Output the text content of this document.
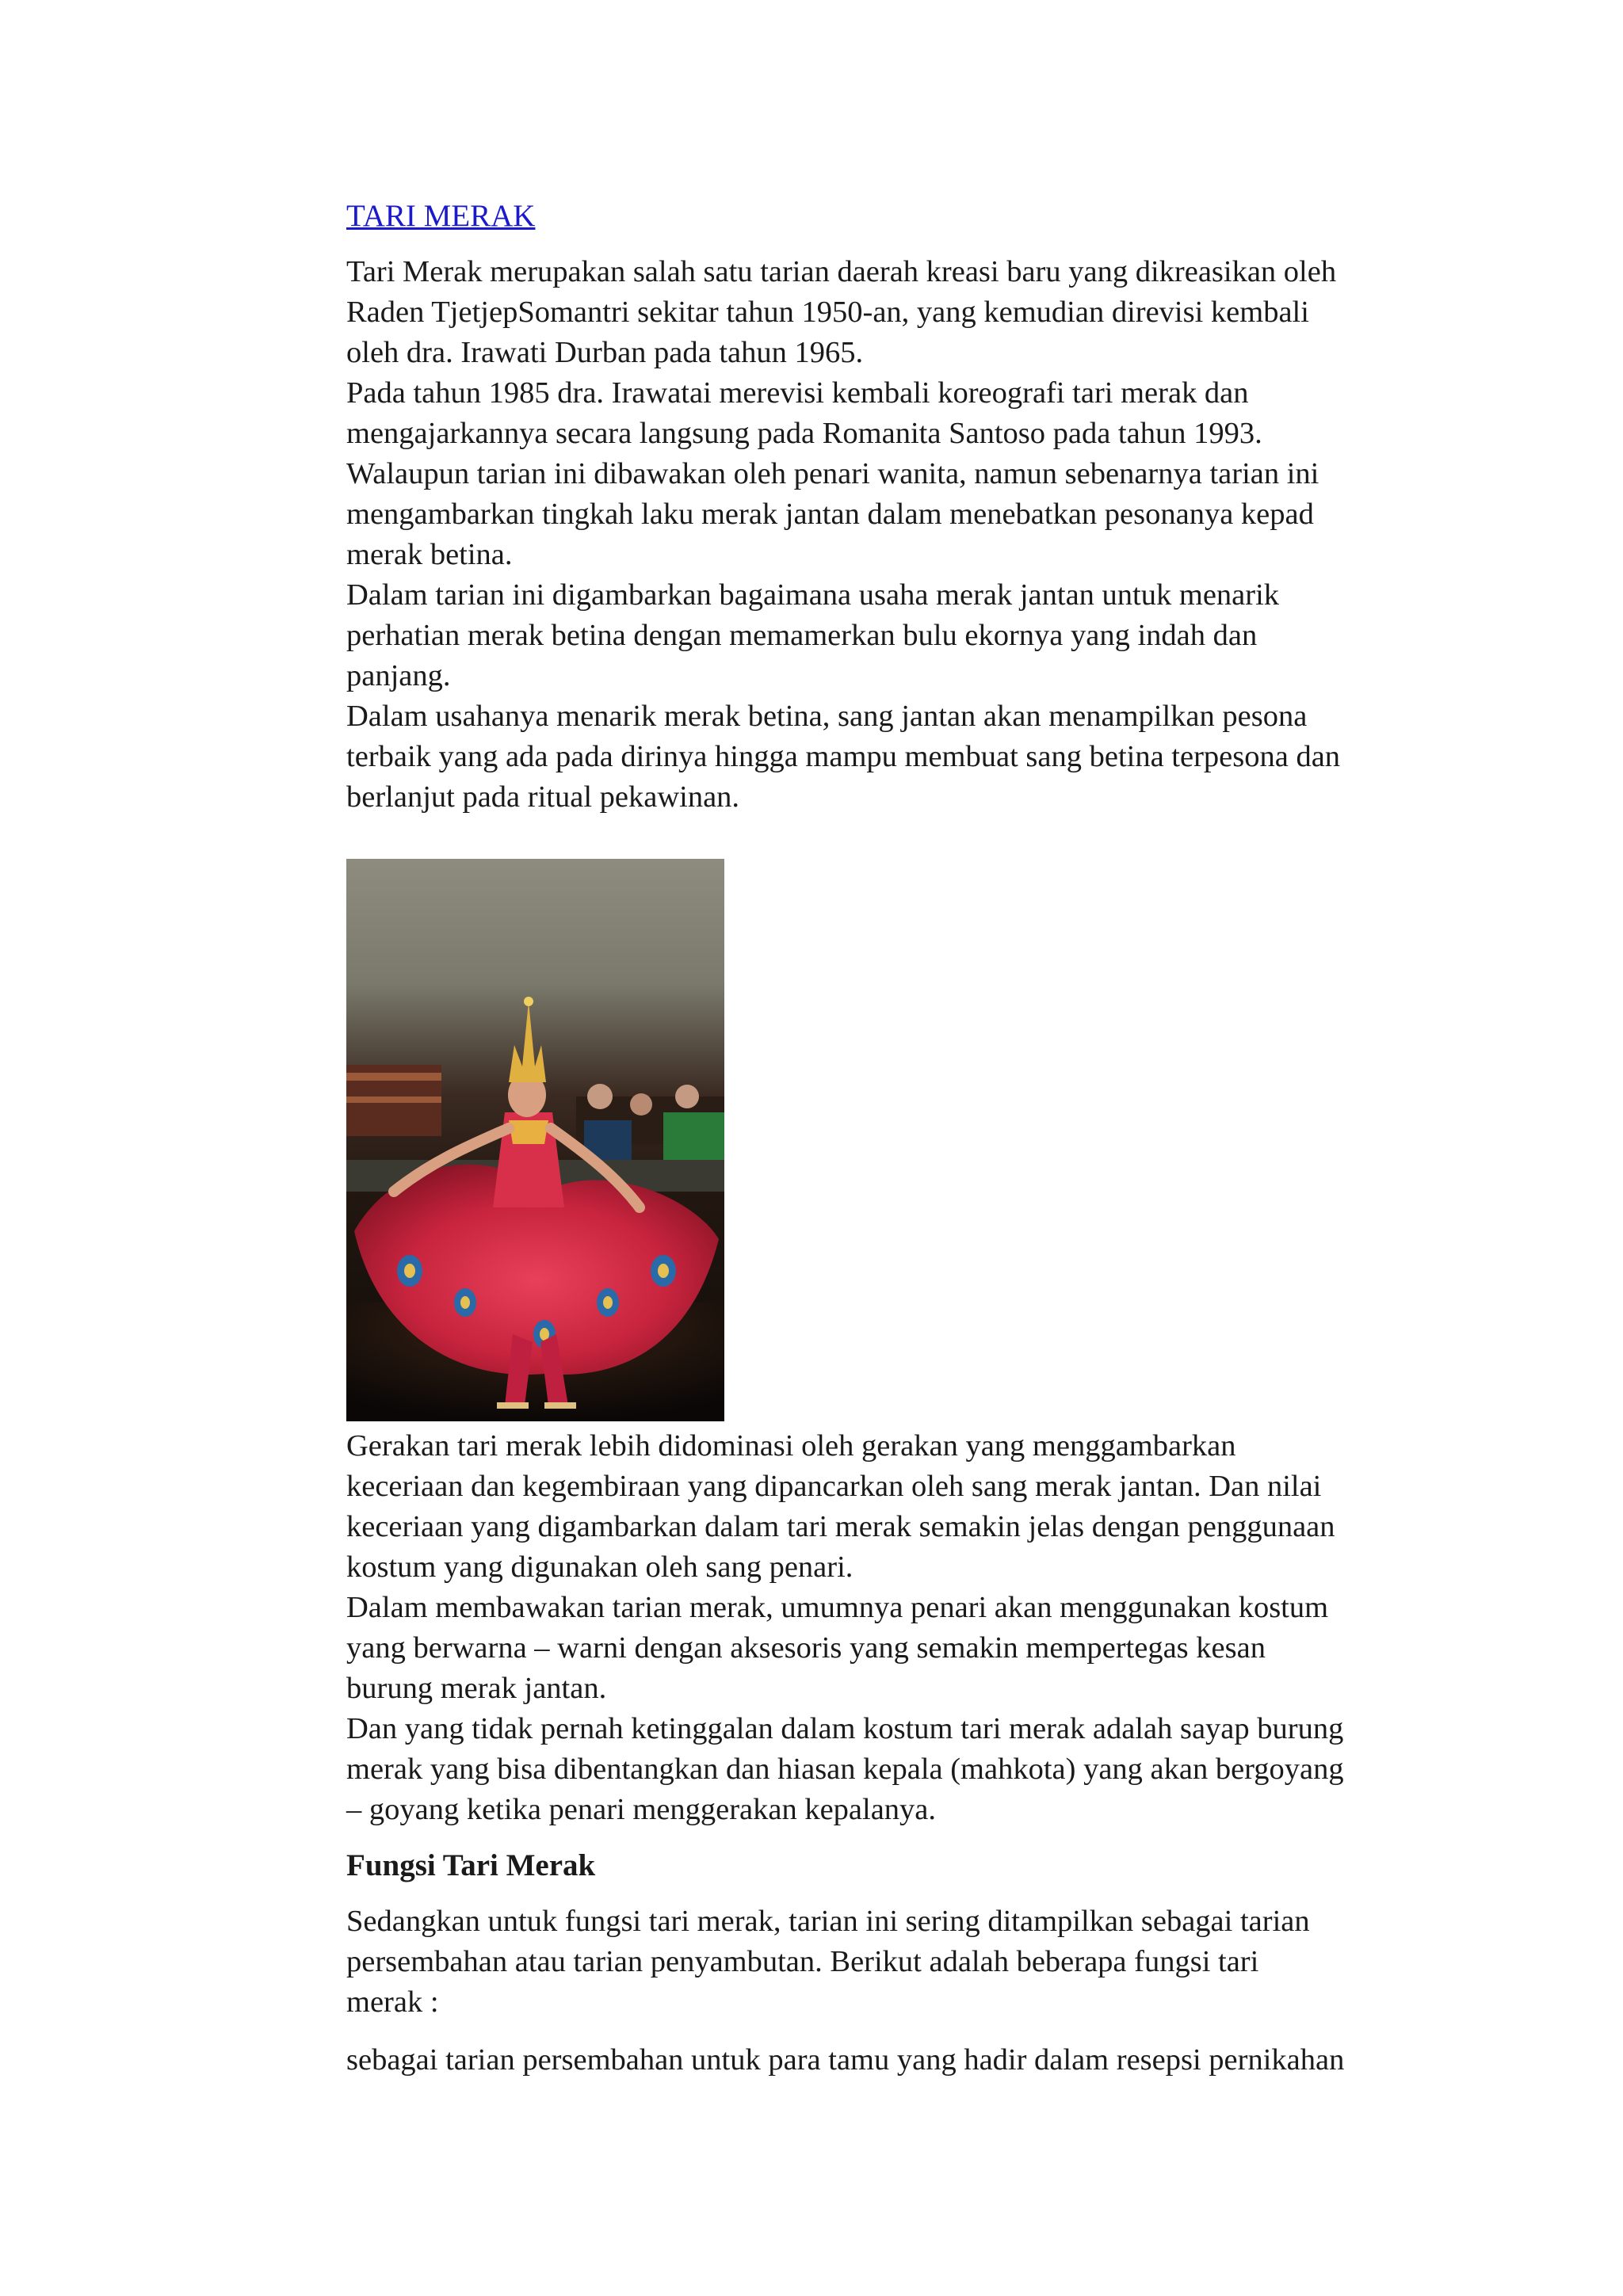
TARI MERAK

Tari Merak merupakan salah satu tarian daerah kreasi baru yang dikreasikan oleh
Raden TjetjepSomantri sekitar tahun 1950-an, yang kemudian direvisi kembali
oleh dra. Irawati Durban pada tahun 1965.
Pada tahun 1985 dra. Irawatai merevisi kembali koreografi tari merak dan
mengajarkannya secara langsung pada Romanita Santoso pada tahun 1993.
Walaupun tarian ini dibawakan oleh penari wanita, namun sebenarnya tarian ini
mengambarkan tingkah laku merak jantan dalam menebatkan pesonanya kepad
merak betina.
Dalam tarian ini digambarkan bagaimana usaha merak jantan untuk menarik
perhatian merak betina dengan memamerkan bulu ekornya yang indah dan
panjang.
Dalam usahanya menarik merak betina, sang jantan akan menampilkan pesona
terbaik yang ada pada dirinya hingga mampu membuat sang betina terpesona dan
berlanjut pada ritual pekawinan.

Gerakan tari merak lebih didominasi oleh gerakan yang menggambarkan
keceriaan dan kegembiraan yang dipancarkan oleh sang merak jantan. Dan nilai
keceriaan yang digambarkan dalam tari merak semakin jelas dengan penggunaan
kostum yang digunakan oleh sang penari.
Dalam membawakan tarian merak, umumnya penari akan menggunakan kostum
yang berwarna – warni dengan aksesoris yang semakin mempertegas kesan
burung merak jantan.
Dan yang tidak pernah ketinggalan dalam kostum tari merak adalah sayap burung
merak yang bisa dibentangkan dan hiasan kepala (mahkota) yang akan bergoyang
– goyang ketika penari menggerakan kepalanya.

Fungsi Tari Merak

Sedangkan untuk fungsi tari merak, tarian ini sering ditampilkan sebagai tarian
persembahan atau tarian penyambutan. Berikut adalah beberapa fungsi tari
merak :

sebagai tarian persembahan untuk para tamu yang hadir dalam resepsi pernikahan
